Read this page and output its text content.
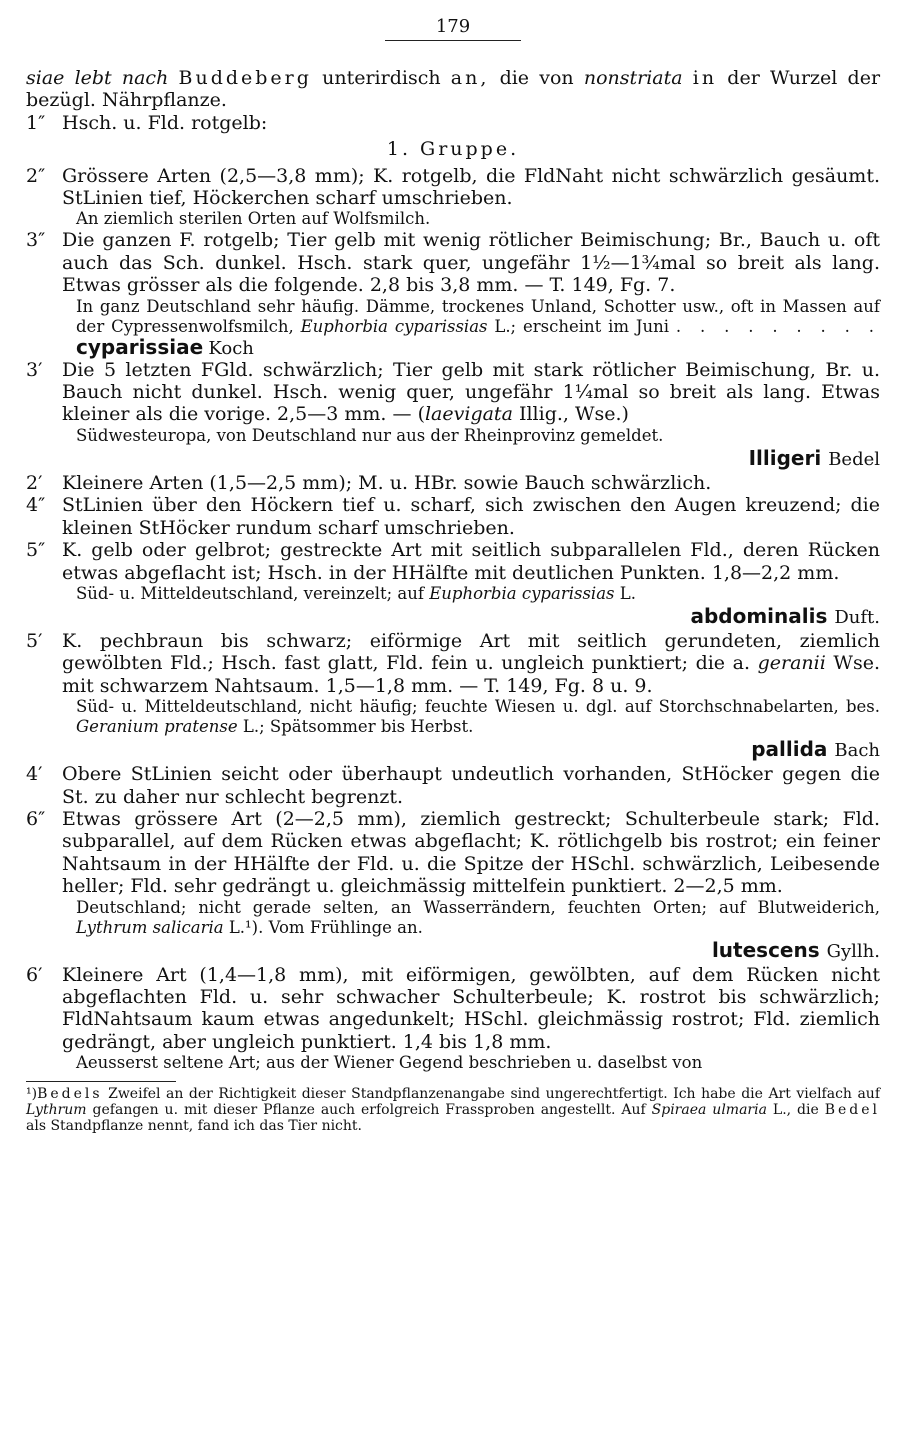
179
siae lebt nach Buddeberg unterirdisch an, die von nonstriata in der Wurzel der bezügl. Nährpflanze.
1″ Hsch. u. Fld. rotgelb:
1. Gruppe.
2″ Grössere Arten (2,5—3,8 mm); K. rotgelb, die FldNaht nicht schwärzlich gesäumt. StLinien tief, Höckerchen scharf umschrieben.
An ziemlich sterilen Orten auf Wolfsmilch.
3″ Die ganzen F. rotgelb; Tier gelb mit wenig rötlicher Beimischung; Br., Bauch u. oft auch das Sch. dunkel. Hsch. stark quer, ungefähr 1½—1¾mal so breit als lang. Etwas grösser als die folgende. 2,8 bis 3,8 mm. — T. 149, Fg. 7.
In ganz Deutschland sehr häufig. Dämme, trockenes Unland, Schotter usw., oft in Massen auf der Cypressenwolfsmilch, Euphorbia cyparissias L.; erscheint im Juni . . . . . . . . . cyparissiae Koch
3′	Die 5 letzten FGld. schwärzlich; Tier gelb mit stark rötlicher Beimischung, Br. u. Bauch nicht dunkel. Hsch. wenig quer, ungefähr 1¼mal so breit als lang. Etwas kleiner als die vorige. 2,5—3 mm. — (laevigata Illig., Wse.)
Südwesteuropa, von Deutschland nur aus der Rheinprovinz gemeldet.
Illigeri Bedel
2′	Kleinere Arten (1,5—2,5 mm); M. u. HBr. sowie Bauch schwärzlich.
4″ StLinien über den Höckern tief u. scharf, sich zwischen den Augen kreuzend; die kleinen StHöcker rundum scharf umschrieben.
5″ K. gelb oder gelbrot; gestreckte Art mit seitlich subparallelen Fld., deren Rücken etwas abgeflacht ist; Hsch. in der HHälfte mit deutlichen Punkten. 1,8—2,2 mm.
Süd- u. Mitteldeutschland, vereinzelt; auf Euphorbia cyparissias L.
abdominalis Duft.
5′	K. pechbraun bis schwarz; eiförmige Art mit seitlich gerundeten, ziemlich gewölbten Fld.; Hsch. fast glatt, Fld. fein u. ungleich punktiert; die a. geranii Wse. mit schwarzem Nahtsaum. 1,5—1,8 mm. — T. 149, Fg. 8 u. 9.
Süd- u. Mitteldeutschland, nicht häufig; feuchte Wiesen u. dgl. auf Storchschnabelarten, bes. Geranium pratense L.; Spätsommer bis Herbst.
pallida Bach
4′	Obere StLinien seicht oder überhaupt undeutlich vorhanden, StHöcker gegen die St. zu daher nur schlecht begrenzt.
6″ Etwas grössere Art (2—2,5 mm), ziemlich gestreckt; Schulterbeule stark; Fld. subparallel, auf dem Rücken etwas abgeflacht; K. rötlichgelb bis rostrot; ein feiner Nahtsaum in der HHälfte der Fld. u. die Spitze der HSchl. schwärzlich, Leibesende heller; Fld. sehr gedrängt u. gleichmässig mittelfein punktiert. 2—2,5 mm.
Deutschland; nicht gerade selten, an Wasserrändern, feuchten Orten; auf Blutweiderich, Lythrum salicaria L.¹). Vom Frühlinge an.
lutescens Gyllh.
6′	Kleinere Art (1,4—1,8 mm), mit eiförmigen, gewölbten, auf dem Rücken nicht abgeflachten Fld. u. sehr schwacher Schulterbeule; K. rostrot bis schwärzlich; FldNahtsaum kaum etwas angedunkelt; HSchl. gleichmässig rostrot; Fld. ziemlich gedrängt, aber ungleich punktiert. 1,4 bis 1,8 mm.
Aeusserst seltene Art; aus der Wiener Gegend beschrieben u. daselbst von
¹)Bedels Zweifel an der Richtigkeit dieser Standpflanzenangabe sind ungerechtfertigt. Ich habe die Art vielfach auf Lythrum gefangen u. mit dieser Pflanze auch erfolgreich Frassproben angestellt. Auf Spiraea ulmaria L., die Bedel als Standpflanze nennt, fand ich das Tier nicht.
